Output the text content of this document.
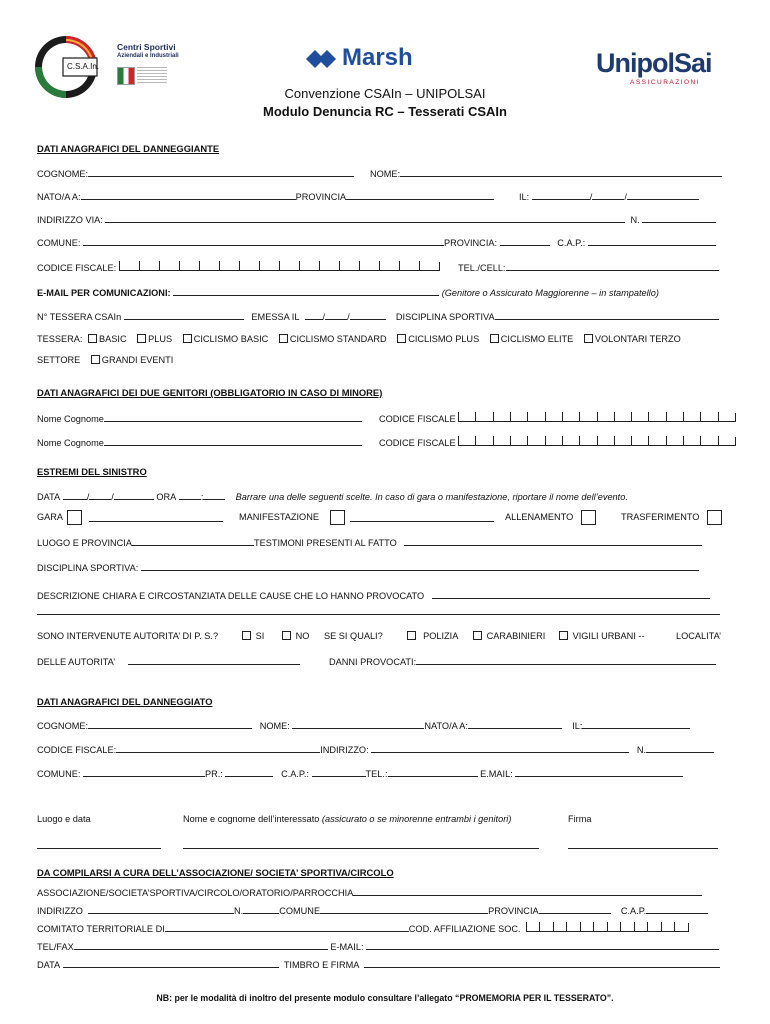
C.S.A.In.
Centri Sportivi
Aziendali e Industriali	Marsh	UnipolSai
ASSICURAZIONI
Convenzione CSAIn – UNIPOLSAI
Modulo Denuncia RC – Tesserati CSAIn
DATI ANAGRAFICI DEL DANNEGGIANTE
COGNOME:	NOME:
NATO/A A:	PROVINCIA	IL:	/	/
INDIRIZZO VIA:	N.
COMUNE:	PROVINCIA:	C.A.P.:
CODICE FISCALE:	TEL./CELL:
E-MAIL PER COMUNICAZIONI:	(Genitore o Assicurato Maggiorenne – in stampatello)
N° TESSERA CSAIn	EMESSA IL	/ /	DISCIPLINA SPORTIVA
TESSERA: BASIC PLUS CICLISMO BASIC CICLISMO STANDARD CICLISMO PLUS CICLISMO ELITE VOLONTARI TERZO
SETTORE GRANDI EVENTI
DATI ANAGRAFICI DEI DUE GENITORI (OBBLIGATORIO IN CASO DI MINORE)
Nome Cognome	CODICE FISCALE
Nome Cognome	CODICE FISCALE
ESTREMI DEL SINISTRO
DATA	/ /	ORA	:	Barrare una delle seguenti scelte. In caso di gara o manifestazione, riportare il nome dell’evento.
GARA	MANIFESTAZIONE	ALLENAMENTO	TRASFERIMENTO
LUOGO E PROVINCIA	TESTIMONI PRESENTI AL FATTO
DISCIPLINA SPORTIVA:
DESCRIZIONE CHIARA E CIRCOSTANZIATA DELLE CAUSE CHE LO HANNO PROVOCATO
SONO INTERVENUTE AUTORITA’ DI P. S.?	SI	NO SE SI QUALI?	POLIZIA	CARABINIERI	VIGILI URBANI --	LOCALITA’
DELLE AUTORITA’	DANNI PROVOCATI:
DATI ANAGRAFICI DEL DANNEGGIATO
COGNOME:	NOME:	NATO/A A:	IL:
CODICE FISCALE:	INDIRIZZO:	N.
COMUNE:	PR.:	C.A.P.:	TEL.:	E.MAIL:
Luogo e data	Nome e cognome dell’interessato (assicurato o se minorenne entrambi i genitori)	Firma
DA COMPILARSI A CURA DELL’ASSOCIAZIONE/ SOCIETA’ SPORTIVA/CIRCOLO
ASSOCIAZIONE/SOCIETA’SPORTIVA/CIRCOLO/ORATORIO/PARROCCHIA
INDIRIZZO	N.	COMUNE	PROVINCIA	C.A.P.
COMITATO TERRITORIALE DI	COD. AFFILIAZIONE SOC.
TEL/FAX	E-MAIL:
DATA	TIMBRO E FIRMA
NB: per le modalità di inoltro del presente modulo consultare l’allegato “PROMEMORIA PER IL TESSERATO”.
